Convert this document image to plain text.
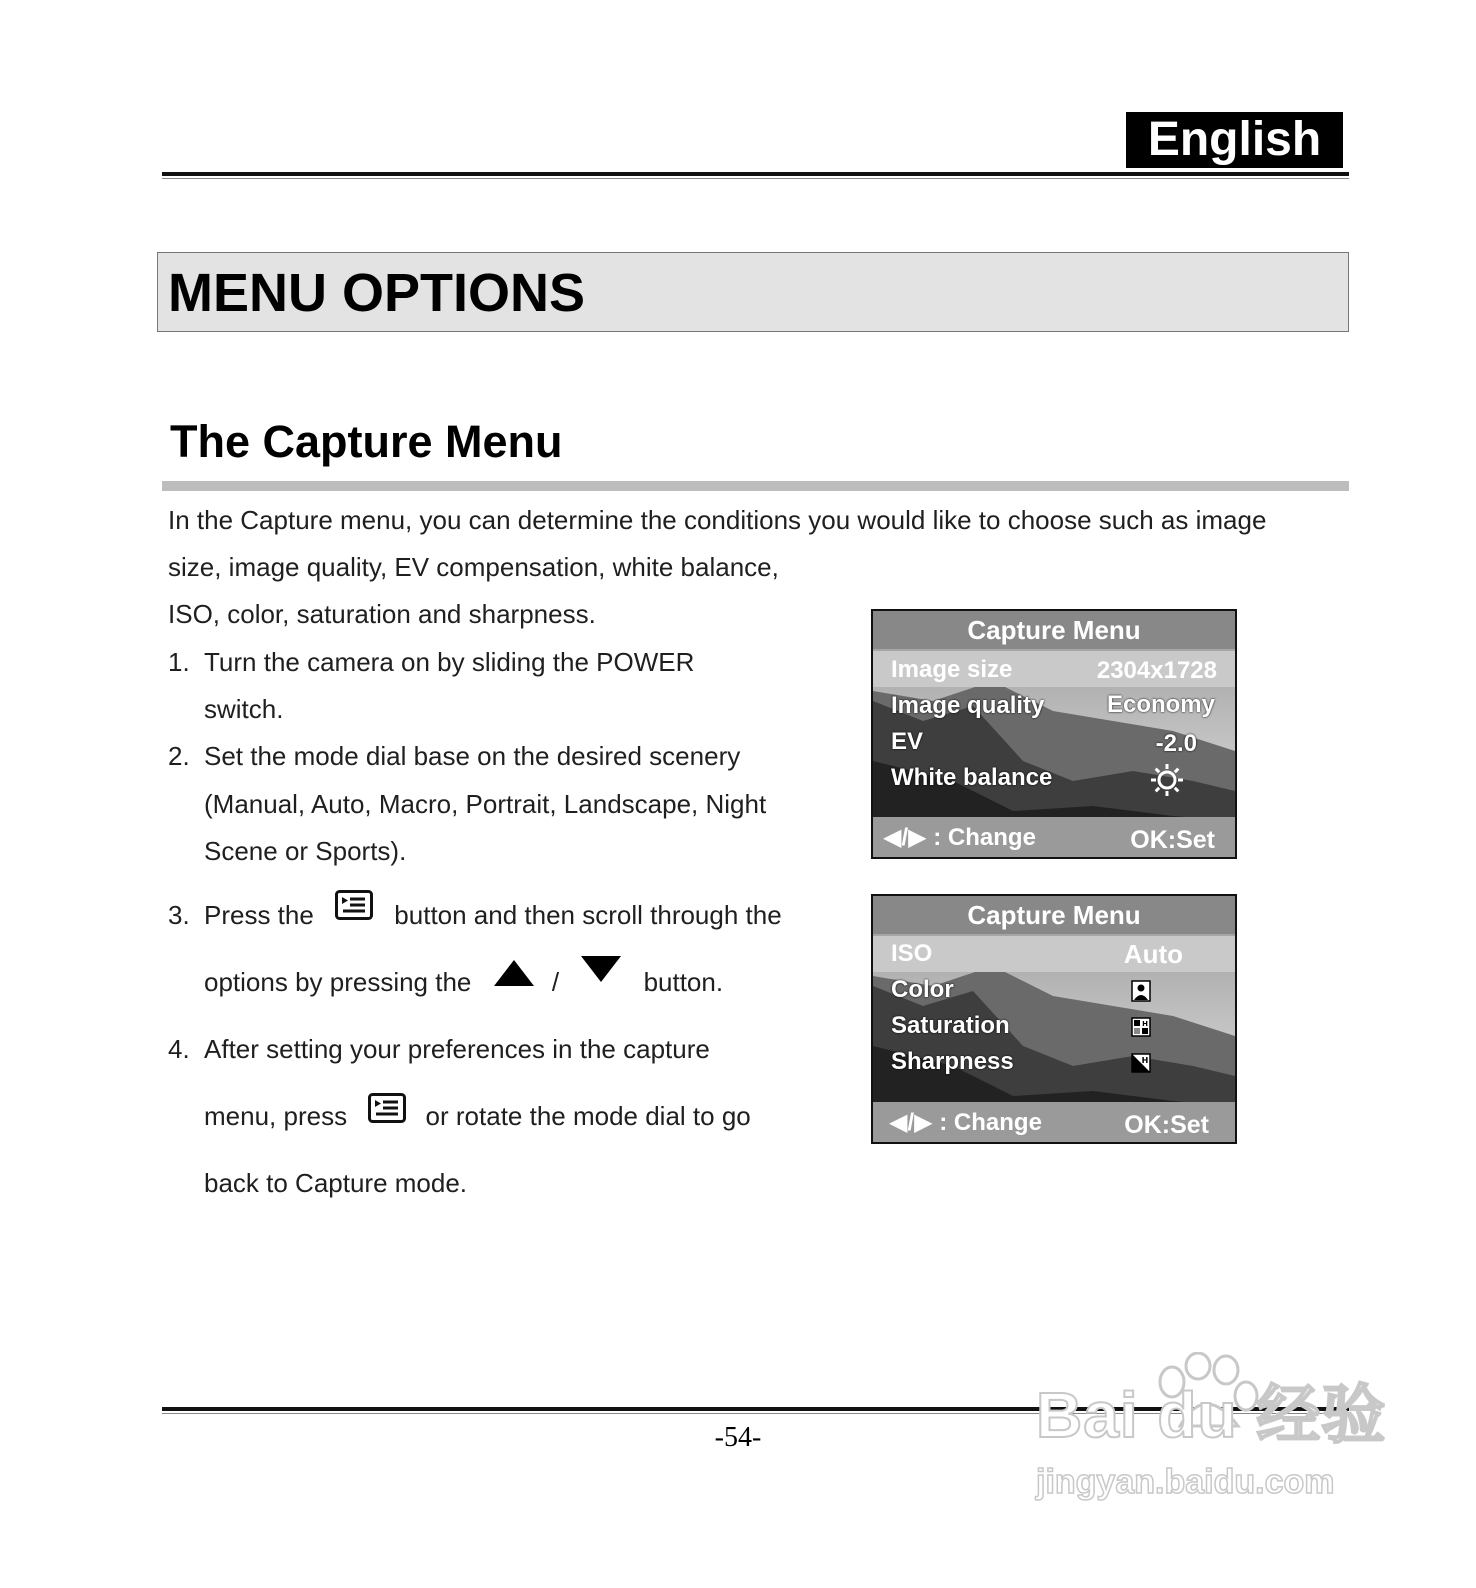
English
MENU OPTIONS
The Capture Menu
In the Capture menu, you can determine the conditions you would like to choose such as image
size, image quality, EV compensation, white balance,
ISO, color, saturation and sharpness.
1. Turn the camera on by sliding the POWER
switch.
2. Set the mode dial base on the desired scenery
(Manual, Auto, Macro, Portrait, Landscape, Night
Scene or Sports).
3. Press the	button and then scroll through the
options by pressing the	/	button.
4. After setting your preferences in the capture
menu, press	or rotate the mode dial to go
back to Capture mode.
Capture Menu
Image size	2304x1728
Image quality	Economy
EV	-2.0
White balance
◀/▶ : Change	OK:Set
Capture Menu
ISO	Auto
Color
Saturation	H
Sharpness	H
◀/▶ : Change	OK:Set
-54-	Bai du 经验
jingyan.baidu.com
